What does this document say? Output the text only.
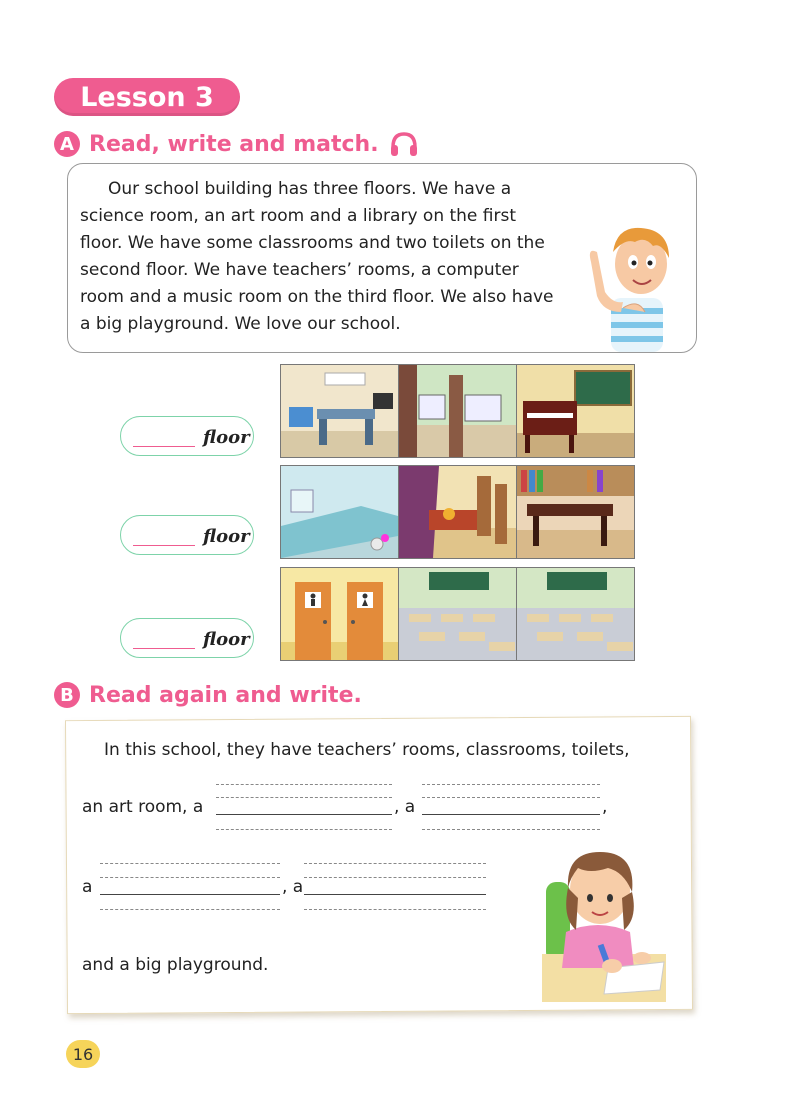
Lesson 3
A Read, write and match.

Our school building has three floors. We have a
science room, an art room and a library on the first
floor. We have some classrooms and two toilets on the
second floor. We have teachers’ rooms, a computer
room and a music room on the third floor. We also have
a big playground. We love our school.

floor
floor
floor
B Read again and write.
In this school, they have teachers’ rooms, classrooms, toilets,
an art room, a	, a	,
a	, a
and a big playground.
16
